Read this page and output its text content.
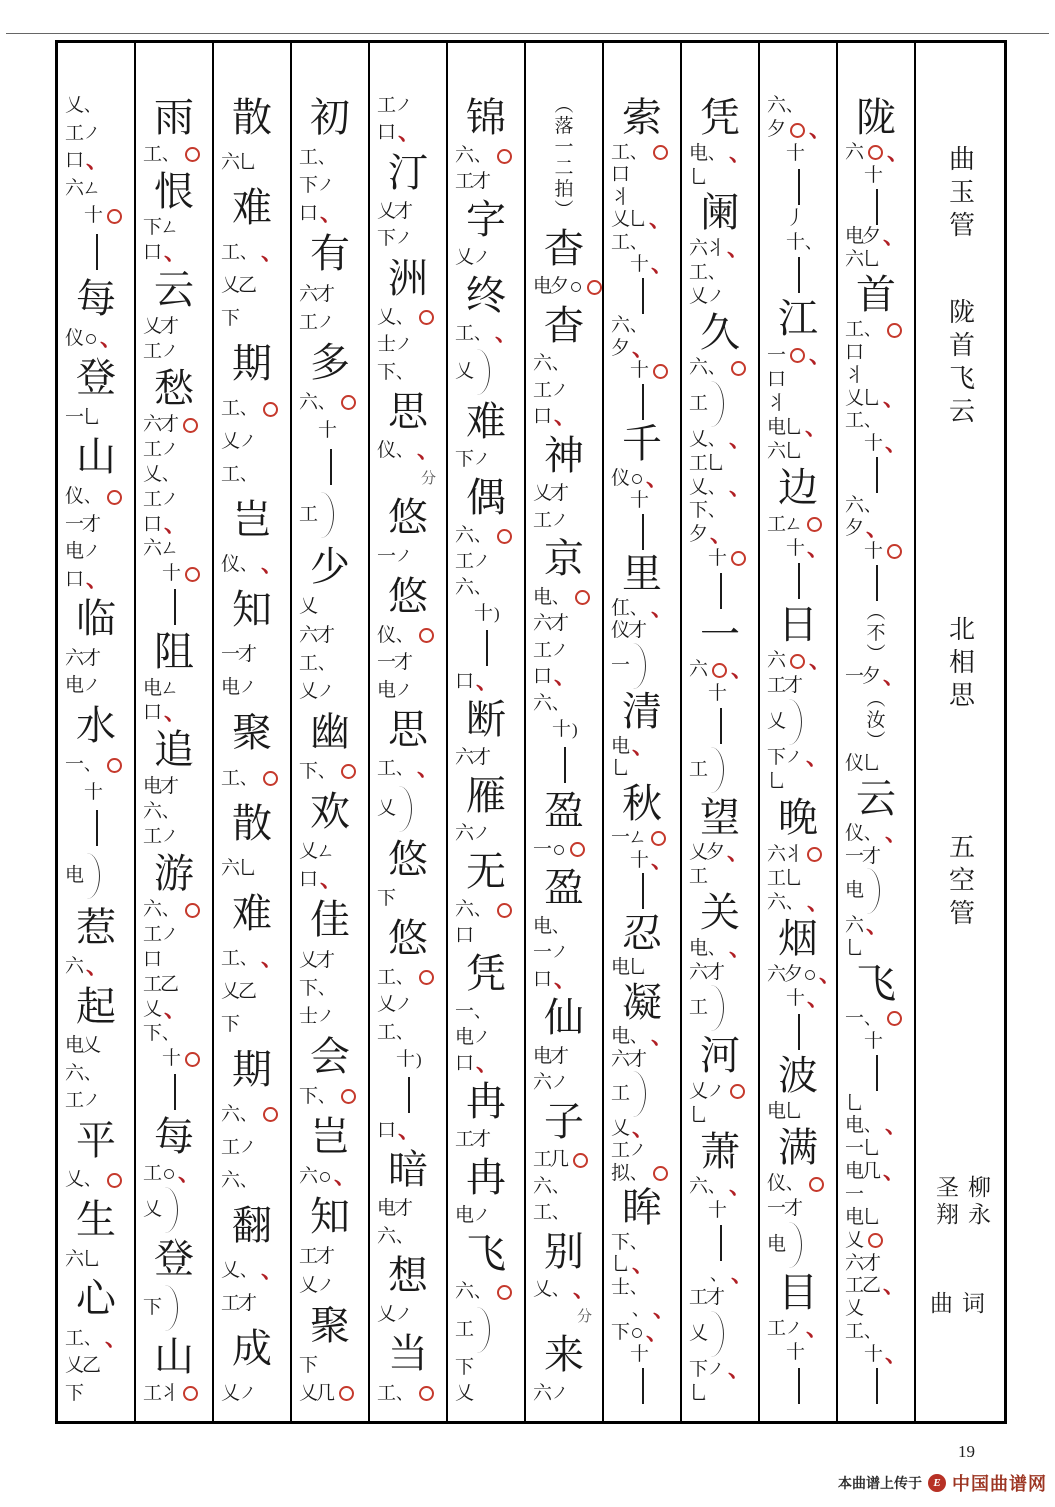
曲玉管
陇首飞云
北相思
五空管
柳永
圣翔
词
曲
陇
六 、
十
电夕 、
六乚
首
工 、
口
丬
乂乚 、
工 、
十 、
六 、
夕 、
十
︵
不
︶
一夕 、
︵
汝
︶
仪乚
云
仪 、 、
一才
电
六 、
乚
飞
一 、
十
乚
电 、 、
一乚
电几 、
一
电乚
乂
六才
工乙 、
乂
工 、
十 、
六 、
夕 、
十
丿
十 、
江
一 、
口
丬
电乚 、
六乚
边
工ㄥ
十 、
日
六 、
工才
乂
下 ノ 、
乚
晚
六丬
工乚
六 、 、
烟
六夕 、
十 、
波
电乚
满
仪 、
一才
电
目
工 ノ 、
十
凭
电 、 、
乚
阑
六丬 、
工 、
乂 ノ
久
六 、
工
乂 、 、
工乚
乂 、 、
下 、
夕 、
十
一
六 、
十
工
望
乂夕 、
工
关
电 、 、
六才
工
河
乂 ノ
乚
萧
六 、 、
十
、 、
工才
乂
下 ノ 、
乚
索
工 、
口
丬
乂乚 、
工 、
十 、
六 、
夕 、
十
千
仪 、
十
里
仜 、 、
仪才
一
清
电 、
乚
秋
一ㄥ
十 、
忍
电乚
凝
电 、 、
六才
工
乂 、
工 ノ
拟 、
眸
下 、
乚 、
士 、
、 、
下 、
十
︵
落
一
二
拍
︶
杳
电夕
杳
六 、
工 ノ
口 、
神
乂才
工 ノ
京
电 、
六才
工 ノ
口 、
六 、
十 )
盈
一
盈
电 、
一 ノ
口 、
仙
电才
六 ノ
子
工几
六 、
工 、
别
乂 、 、
分
来
六 ノ
锦
六 、
工才
字
乂 ノ
终
工 、 、
乂
难
下 ノ
偶
六 、
工 ノ
六 、
十 )
口 、
断
六才
雁
六 ノ
无
六 、
口
凭
一 、
电 ノ
口 、
冉
工才
冉
电 ノ
飞
六 、
工
下
乂
工 ノ
口 、
汀
乂才
下 ノ
洲
乂 、
士 ノ
下 、
思
仪 、 、
分
悠
一 ノ
悠
仪 、
一才
电 ノ
思
工 、 、
乂
悠
下
悠
工 、
乂 ノ
工 、
十 )
口 、
暗
电才
六 、
想
乂 ノ
当
工 、
初
工 、
下 ノ
口 、
有
六才
工 ノ
多
六 、
十
工
少
乂
六才
工 、
乂 ノ
幽
下 、
欢
乂ㄥ
口 、
佳
乂才
下 、
士 ノ
会
下 、
岂
六 、
知
工才
乂 ノ
聚
下
乂几
散
六乚
难
工 、 、
乂乙
下
期
工 、
乂 ノ
工 、
岂
仪 、 、
知
一才
电 ノ
聚
工 、
散
六乚
难
工 、 、
乂乙
下
期
六 、
工 ノ
六 、
翻
乂 、 、
工才
成
乂 ノ
雨
工 、
恨
下ㄥ
口 、
云
乂才
工 ノ
愁
六才
工 ノ
乂 、
工 ノ
口 、
六ㄥ
十
阻
电ㄥ
口 、
追
电才
六 、
工 ノ
游
六 、
工 ノ
口
工乙
乂 、
下 、
十
每
工 、
乂
登
下
山
工丬
乂 、
工 ノ
口 、
六ㄥ
十
每
仪 、
登
一乚
山
仪 、
一才
电 ノ
口 、
临
六才
电 ノ
水
一 、
十
电
惹
六 、
起
电乂
六 、
工 ノ
平
乂 、
生
六乚
心
工 、 、
乂乙
下
19
本曲谱上传于	E 中国曲谱网
